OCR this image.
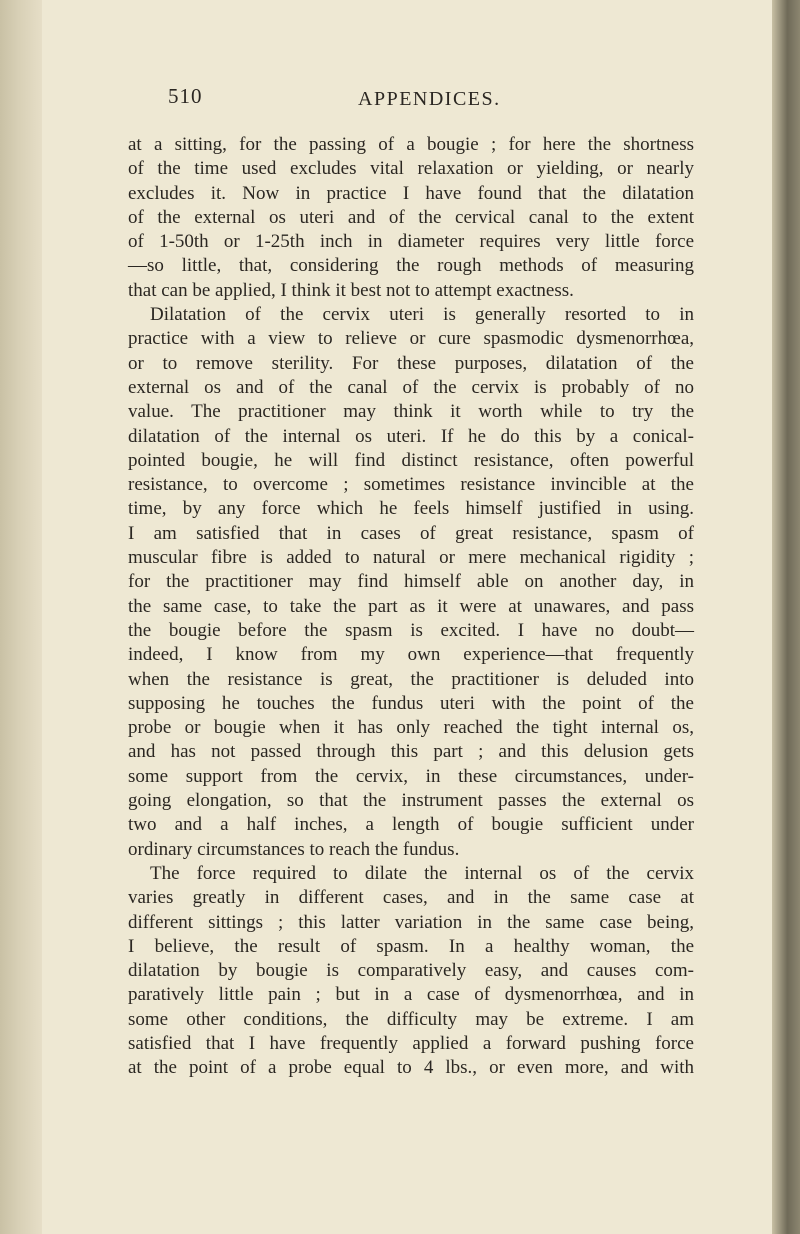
510	APPENDICES.
at a sitting, for the passing of a bougie ; for here the shortness
of the time used excludes vital relaxation or yielding, or nearly
excludes it. Now in practice I have found that the dilatation
of the external os uteri and of the cervical canal to the extent
of 1-50th or 1-25th inch in diameter requires very little force
—so little, that, considering the rough methods of measuring
that can be applied, I think it best not to attempt exactness.
Dilatation of the cervix uteri is generally resorted to in
practice with a view to relieve or cure spasmodic dysmenorrhœa,
or to remove sterility. For these purposes, dilatation of the
external os and of the canal of the cervix is probably of no
value. The practitioner may think it worth while to try the
dilatation of the internal os uteri. If he do this by a conical-
pointed bougie, he will find distinct resistance, often powerful
resistance, to overcome ; sometimes resistance invincible at the
time, by any force which he feels himself justified in using.
I am satisfied that in cases of great resistance, spasm of
muscular fibre is added to natural or mere mechanical rigidity ;
for the practitioner may find himself able on another day, in
the same case, to take the part as it were at unawares, and pass
the bougie before the spasm is excited. I have no doubt—
indeed, I know from my own experience—that frequently
when the resistance is great, the practitioner is deluded into
supposing he touches the fundus uteri with the point of the
probe or bougie when it has only reached the tight internal os,
and has not passed through this part ; and this delusion gets
some support from the cervix, in these circumstances, under-
going elongation, so that the instrument passes the external os
two and a half inches, a length of bougie sufficient under
ordinary circumstances to reach the fundus.
The force required to dilate the internal os of the cervix
varies greatly in different cases, and in the same case at
different sittings ; this latter variation in the same case being,
I believe, the result of spasm. In a healthy woman, the
dilatation by bougie is comparatively easy, and causes com-
paratively little pain ; but in a case of dysmenorrhœa, and in
some other conditions, the difficulty may be extreme. I am
satisfied that I have frequently applied a forward pushing force
at the point of a probe equal to 4 lbs., or even more, and with
